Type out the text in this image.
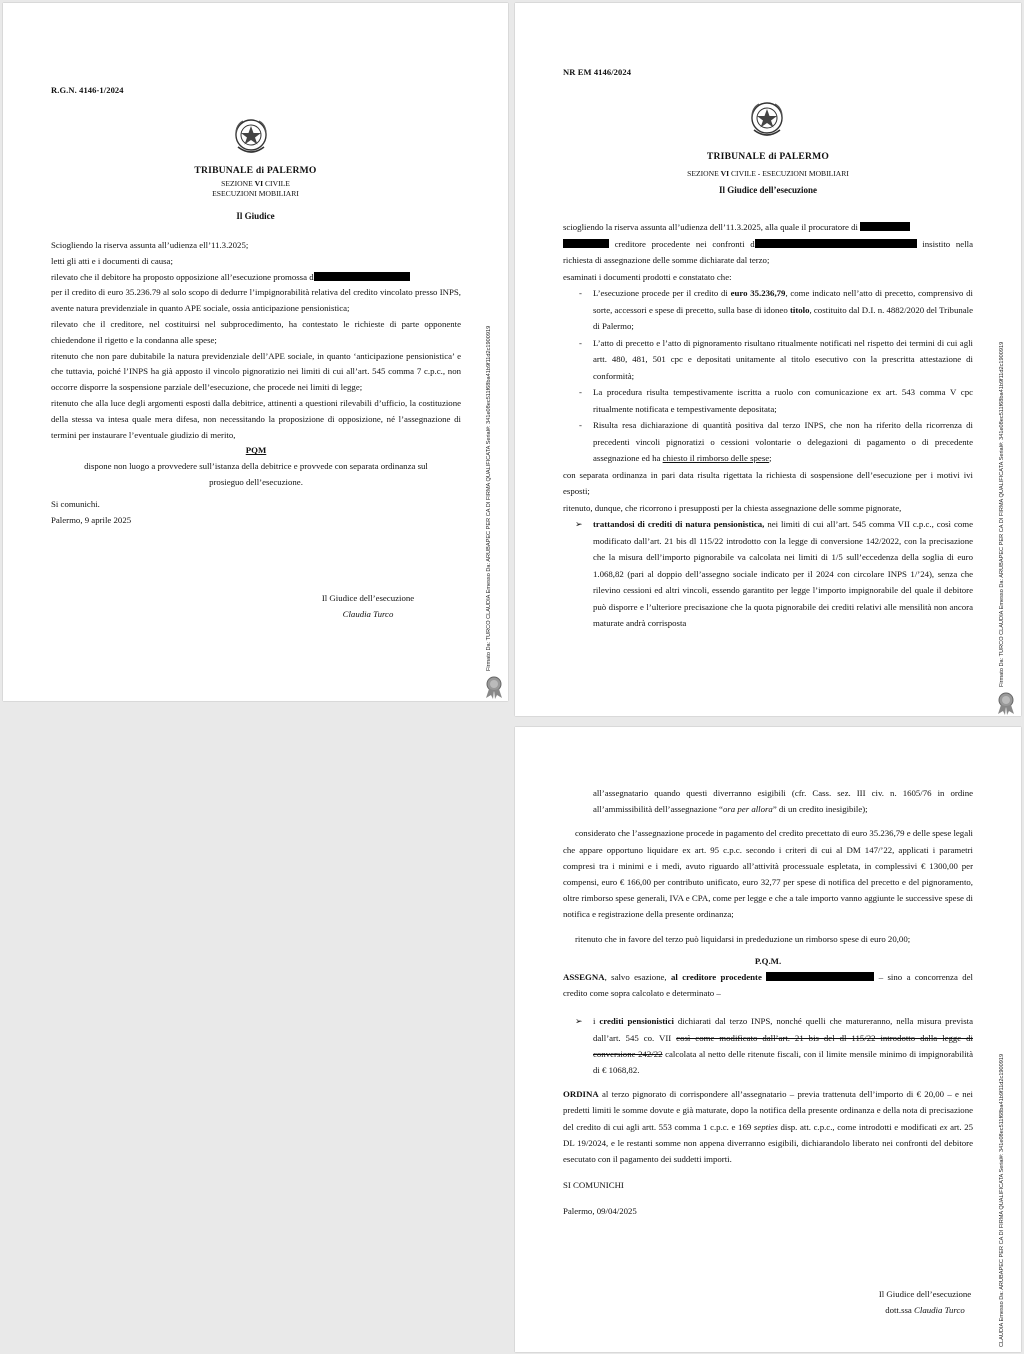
R.G.N. 4146-1/2024
TRIBUNALE di PALERMO
SEZIONE VI CIVILE
ESECUZIONI MOBILIARI
Il Giudice

Sciogliendo la riserva assunta all’udienza ell’11.3.2025;

letti gli atti e i documenti di causa;

rilevato che il debitore ha proposto opposizione all’esecuzione promossa d

per il credito di euro 35.236.79 al solo scopo di dedurre l’impignorabilità relativa del credito vincolato presso INPS, avente natura previdenziale in quanto APE sociale, ossia anticipazione pensionistica;

rilevato che il creditore, nel costituirsi nel subprocedimento, ha contestato le richieste di parte opponente chiedendone il rigetto e la condanna alle spese;

ritenuto che non pare dubitabile la natura previdenziale dell’APE sociale, in quanto ‘anticipazione pensionistica’ e che tuttavia, poiché l’INPS ha già apposto il vincolo pignoratizio nei limiti di cui all’art. 545 comma 7 c.p.c., non occorre disporre la sospensione parziale dell’esecuzione, che procede nei limiti di legge;

ritenuto che alla luce degli argomenti esposti dalla debitrice, attinenti a questioni rilevabili d’ufficio, la costituzione della stessa va intesa quale mera difesa, non necessitando la proposizione di opposizione, né l’assegnazione di termini per instaurare l’eventuale giudizio di merito,

PQM

dispone non luogo a provvedere sull’istanza della debitrice e provvede con separata ordinanza sul prosieguo dell’esecuzione.

Si comunichi.

Palermo, 9 aprile 2025

Il Giudice dell’esecuzione
Claudia Turco	Firmato Da: TURCO CLAUDIA Emesso Da: ARUBAPEC PER CA DI FIRMA QUALIFICATA Serial#: 341e08ec511f68ba41b9f11d2c1900919
NR EM 4146/2024
TRIBUNALE di PALERMO
SEZIONE VI CIVILE - ESECUZIONI MOBILIARI
Il Giudice dell’esecuzione

sciogliendo la riserva assunta all’udienza dell’11.3.2025, alla quale il procuratore di

creditore procedente nei confronti d	insistito nella richiesta di assegnazione delle somme dichiarate dal terzo;

esaminati i documenti prodotti e constatato che:

- L’esecuzione procede per il credito di euro 35.236,79, come indicato nell’atto di precetto, comprensivo di sorte, accessori e spese di precetto, sulla base di idoneo titolo, costituito dal D.I. n. 4882/2020 del Tribunale di Palermo;
- L’atto di precetto e l’atto di pignoramento risultano ritualmente notificati nel rispetto dei termini di cui agli artt. 480, 481, 501 cpc e depositati unitamente al titolo esecutivo con la prescritta attestazione di conformità;
- La procedura risulta tempestivamente iscritta a ruolo con comunicazione ex art. 543 comma V cpc ritualmente notificata e tempestivamente depositata;
- Risulta resa dichiarazione di quantità positiva dal terzo INPS, che non ha riferito della ricorrenza di precedenti vincoli pignoratizi o cessioni volontarie o delegazioni di pagamento o di precedente assegnazione ed ha chiesto il rimborso delle spese;

con separata ordinanza in pari data risulta rigettata la richiesta di sospensione dell’esecuzione per i motivi ivi esposti;

ritenuto, dunque, che ricorrono i presupposti per la chiesta assegnazione delle somme pignorate,

➢ trattandosi di crediti di natura pensionistica, nei limiti di cui all’art. 545 comma VII c.p.c., così come modificato dall’art. 21 bis dl 115/22 introdotto con la legge di conversione 142/2022, con la precisazione che la misura dell’importo pignorabile va calcolata nei limiti di 1/5 sull’eccedenza della soglia di euro 1.068,82 (pari al doppio dell’assegno sociale indicato per il 2024 con circolare INPS 1/’24), senza che rilevino cessioni ed altri vincoli, essendo garantito per legge l’importo impignorabile del quale il debitore può disporre e l’ulteriore precisazione che la quota pignorabile dei crediti relativi alle mensilità non ancora maturate andrà corrisposta	Firmato Da: TURCO CLAUDIA Emesso Da: ARUBAPEC PER CA DI FIRMA QUALIFICATA Serial#: 341e08ec511f68ba41b9f11d2c1900919

all’assegnatario quando questi diverranno esigibili (cfr. Cass. sez. III civ. n. 1605/76 in ordine all’ammissibilità dell’assegnazione “ora per allora” di un credito inesigibile);

considerato che l’assegnazione procede in pagamento del credito precettato di euro 35.236,79 e delle spese legali che appare opportuno liquidare ex art. 95 c.p.c. secondo i criteri di cui al DM 147/’22, applicati i parametri compresi tra i minimi e i medi, avuto riguardo all’attività processuale espletata, in complessivi € 1300,00 per compensi, euro € 166,00 per contributo unificato, euro 32,77 per spese di notifica del precetto e del pignoramento, oltre rimborso spese generali, IVA e CPA, come per legge e che a tale importo vanno aggiunte le successive spese di notifica e registrazione della presente ordinanza;

ritenuto che in favore del terzo può liquidarsi in prededuzione un rimborso spese di euro 20,00;

P.Q.M.

ASSEGNA, salvo esazione, al creditore procedente	– sino a concorrenza del credito come sopra calcolato e determinato –

➢ i crediti pensionistici dichiarati dal terzo INPS, nonché quelli che matureranno, nella misura prevista dall’art. 545 co. VII così come modificato dall’art. 21 bis del dl 115/22 introdotto dalla legge di conversione 242/22 calcolata al netto delle ritenute fiscali, con il limite mensile minimo di impignorabilità di € 1068,82.

ORDINA al terzo pignorato di corrispondere all’assegnatario – previa trattenuta dell’importo di € 20,00 – e nei predetti limiti le somme dovute e già maturate, dopo la notifica della presente ordinanza e della nota di precisazione del credito di cui agli artt. 553 comma 1 c.p.c. e 169 septies disp. att. c.p.c., come introdotti e modificati ex art. 25 DL 19/2024, e le restanti somme non appena diverranno esigibili, dichiarandolo liberato nei confronti del debitore esecutato con il pagamento dei suddetti importi.

SI COMUNICHI

Palermo, 09/04/2025

Il Giudice dell’esecuzione
dott.ssa Claudia Turco	CLAUDIA Emesso Da: ARUBAPEC PER CA DI FIRMA QUALIFICATA Serial#: 341e08ec511f68ba41b9f11d2c1900919
